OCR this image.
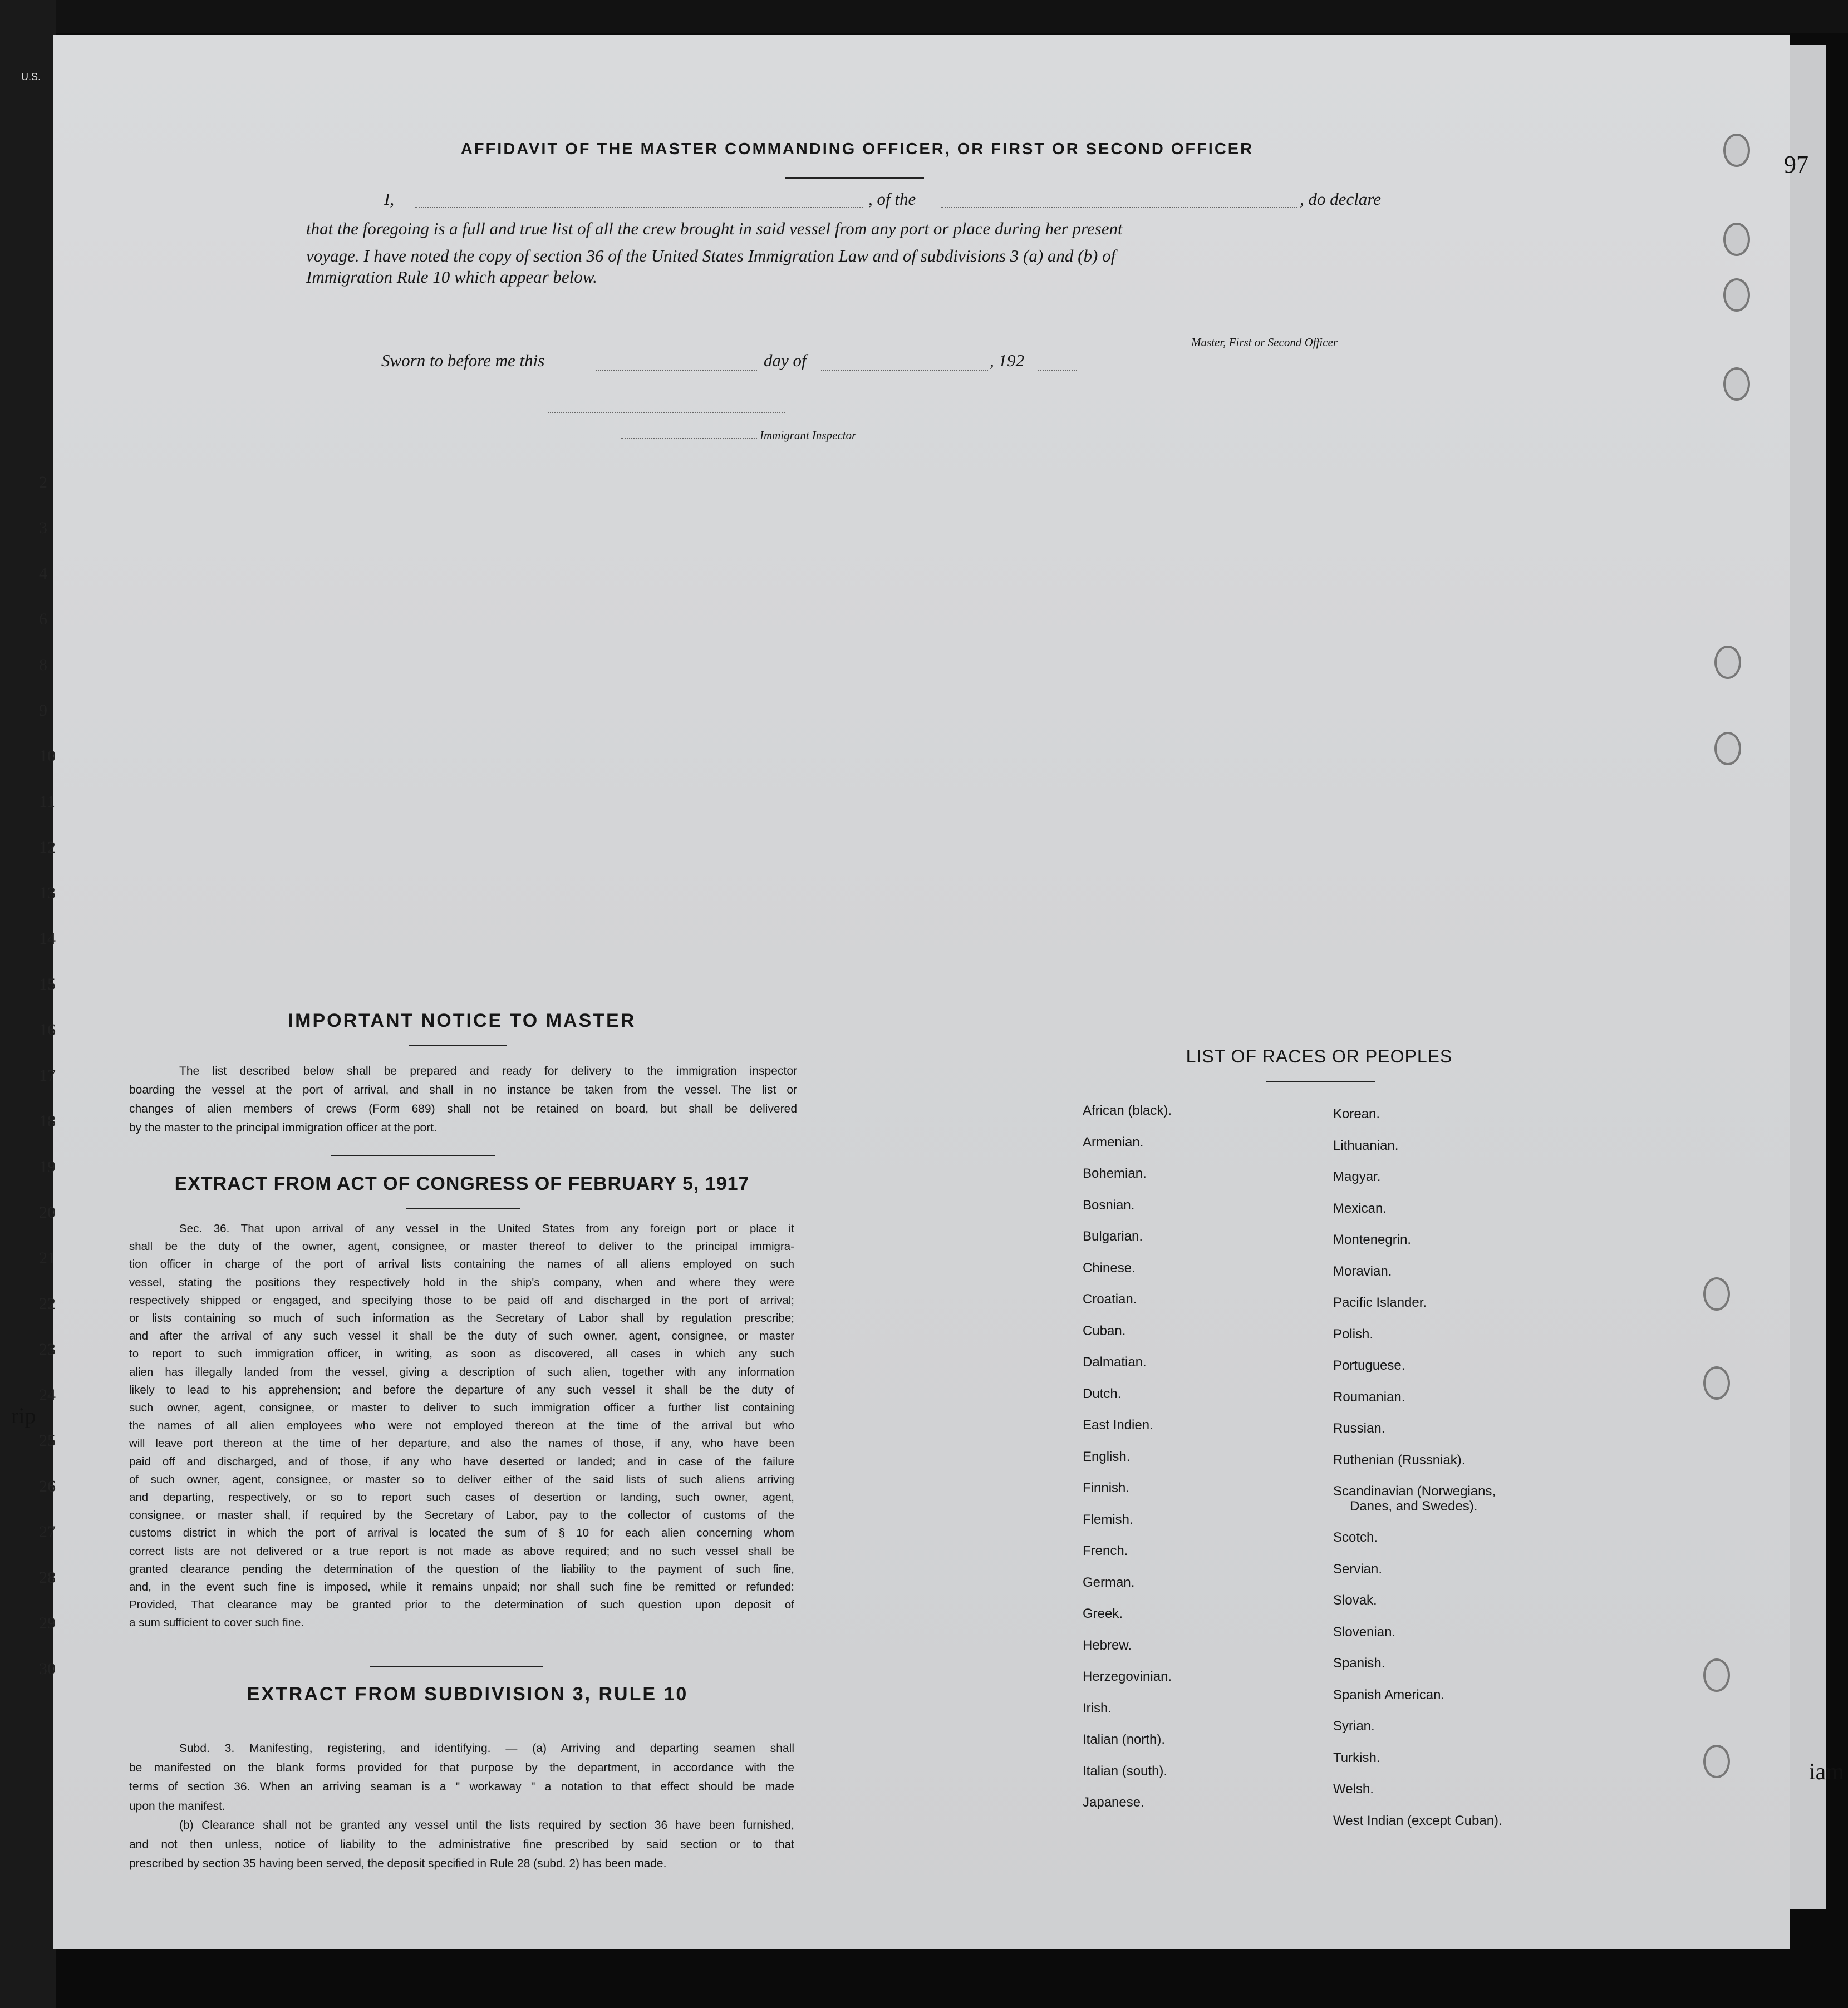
U.S.
97
iam
rip
2
3
4
6
8
9
10
11
12
13
14
15
16
17
18
19
20
21
22
23
24
25
26
27
28
29
30
AFFIDAVIT OF THE MASTER COMMANDING OFFICER, OR FIRST OR SECOND OFFICER
I,	, of the	, do declare
that the foregoing is a full and true list of all the crew brought in said vessel from any port or place during her present
voyage. I have noted the copy of section 36 of the United States Immigration Law and of subdivisions 3 (a) and (b) of
Immigration Rule 10 which appear below.
Master, First or Second Officer
Sworn to before me this	day of	, 192
Immigrant Inspector
IMPORTANT NOTICE TO MASTER
The list described below shall be prepared and ready for delivery to the immigration inspector
boarding the vessel at the port of arrival, and shall in no instance be taken from the vessel. The list or
changes of alien members of crews (Form 689) shall not be retained on board, but shall be delivered
by the master to the principal immigration officer at the port.
EXTRACT FROM ACT OF CONGRESS OF FEBRUARY 5, 1917
Sec. 36. That upon arrival of any vessel in the United States from any foreign port or place it
shall be the duty of the owner, agent, consignee, or master thereof to deliver to the principal immigra-
tion officer in charge of the port of arrival lists containing the names of all aliens employed on such
vessel, stating the positions they respectively hold in the ship's company, when and where they were
respectively shipped or engaged, and specifying those to be paid off and discharged in the port of arrival;
or lists containing so much of such information as the Secretary of Labor shall by regulation prescribe;
and after the arrival of any such vessel it shall be the duty of such owner, agent, consignee, or master
to report to such immigration officer, in writing, as soon as discovered, all cases in which any such
alien has illegally landed from the vessel, giving a description of such alien, together with any information
likely to lead to his apprehension; and before the departure of any such vessel it shall be the duty of
such owner, agent, consignee, or master to deliver to such immigration officer a further list containing
the names of all alien employees who were not employed thereon at the time of the arrival but who
will leave port thereon at the time of her departure, and also the names of those, if any, who have been
paid off and discharged, and of those, if any who have deserted or landed; and in case of the failure
of such owner, agent, consignee, or master so to deliver either of the said lists of such aliens arriving
and departing, respectively, or so to report such cases of desertion or landing, such owner, agent,
consignee, or master shall, if required by the Secretary of Labor, pay to the collector of customs of the
customs district in which the port of arrival is located the sum of § 10 for each alien concerning whom
correct lists are not delivered or a true report is not made as above required; and no such vessel shall be
granted clearance pending the determination of the question of the liability to the payment of such fine,
and, in the event such fine is imposed, while it remains unpaid; nor shall such fine be remitted or refunded:
Provided, That clearance may be granted prior to the determination of such question upon deposit of
a sum sufficient to cover such fine.
EXTRACT FROM SUBDIVISION 3, RULE 10
Subd. 3. Manifesting, registering, and identifying. — (a) Arriving and departing seamen shall
be manifested on the blank forms provided for that purpose by the department, in accordance with the
terms of section 36. When an arriving seaman is a " workaway " a notation to that effect should be made
upon the manifest.
(b) Clearance shall not be granted any vessel until the lists required by section 36 have been furnished,
and not then unless, notice of liability to the administrative fine prescribed by said section or to that
prescribed by section 35 having been served, the deposit specified in Rule 28 (subd. 2) has been made.
LIST OF RACES OR PEOPLES
African (black).
Armenian.
Bohemian.
Bosnian.
Bulgarian.
Chinese.
Croatian.
Cuban.
Dalmatian.
Dutch.
East Indien.
English.
Finnish.
Flemish.
French.
German.
Greek.
Hebrew.
Herzegovinian.
Irish.
Italian (north).
Italian (south).
Japanese.
Korean.
Lithuanian.
Magyar.
Mexican.
Montenegrin.
Moravian.
Pacific Islander.
Polish.
Portuguese.
Roumanian.
Russian.
Ruthenian (Russniak).
Scandinavian (Norwegians,
Danes, and Swedes).
Scotch.
Servian.
Slovak.
Slovenian.
Spanish.
Spanish American.
Syrian.
Turkish.
Welsh.
West Indian (except Cuban).
